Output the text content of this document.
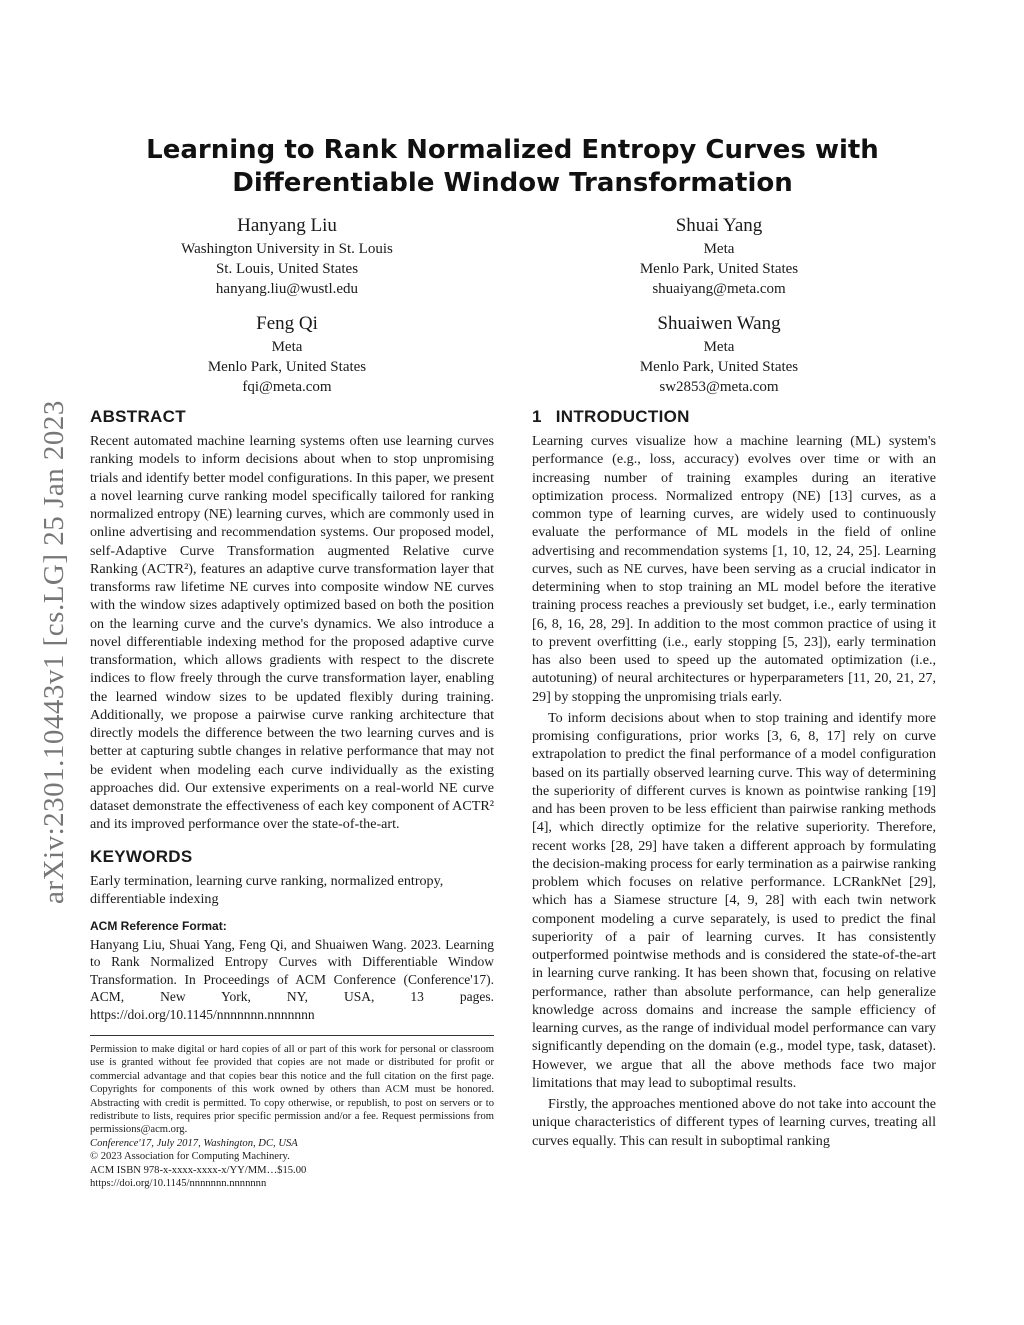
arXiv:2301.10443v1 [cs.LG] 25 Jan 2023
Learning to Rank Normalized Entropy Curves with
Differentiable Window Transformation
Hanyang Liu
Washington University in St. Louis
St. Louis, United States
hanyang.liu@wustl.edu
Shuai Yang
Meta
Menlo Park, United States
shuaiyang@meta.com
Feng Qi
Meta
Menlo Park, United States
fqi@meta.com
Shuaiwen Wang
Meta
Menlo Park, United States
sw2853@meta.com
ABSTRACT

Recent automated machine learning systems often use learning curves ranking models to inform decisions about when to stop unpromising trials and identify better model configurations. In this paper, we present a novel learning curve ranking model specifically tailored for ranking normalized entropy (NE) learning curves, which are commonly used in online advertising and recommendation systems. Our proposed model, self-Adaptive Curve Transformation augmented Relative curve Ranking (ACTR²), features an adaptive curve transformation layer that transforms raw lifetime NE curves into composite window NE curves with the window sizes adaptively optimized based on both the position on the learning curve and the curve's dynamics. We also introduce a novel differentiable indexing method for the proposed adaptive curve transformation, which allows gradients with respect to the discrete indices to flow freely through the curve transformation layer, enabling the learned window sizes to be updated flexibly during training. Additionally, we propose a pairwise curve ranking architecture that directly models the difference between the two learning curves and is better at capturing subtle changes in relative performance that may not be evident when modeling each curve individually as the existing approaches did. Our extensive experiments on a real-world NE curve dataset demonstrate the effectiveness of each key component of ACTR² and its improved performance over the state-of-the-art.

KEYWORDS

Early termination, learning curve ranking, normalized entropy, differentiable indexing

ACM Reference Format:
Hanyang Liu, Shuai Yang, Feng Qi, and Shuaiwen Wang. 2023. Learning to Rank Normalized Entropy Curves with Differentiable Window Transformation. In Proceedings of ACM Conference (Conference'17). ACM, New York, NY, USA, 13 pages. https://doi.org/10.1145/nnnnnnn.nnnnnnn
Permission to make digital or hard copies of all or part of this work for personal or classroom use is granted without fee provided that copies are not made or distributed for profit or commercial advantage and that copies bear this notice and the full citation on the first page. Copyrights for components of this work owned by others than ACM must be honored. Abstracting with credit is permitted. To copy otherwise, or republish, to post on servers or to redistribute to lists, requires prior specific permission and/or a fee. Request permissions from permissions@acm.org.
Conference'17, July 2017, Washington, DC, USA
© 2023 Association for Computing Machinery.
ACM ISBN 978-x-xxxx-xxxx-x/YY/MM…$15.00
https://doi.org/10.1145/nnnnnnn.nnnnnnn
1 INTRODUCTION

Learning curves visualize how a machine learning (ML) system's performance (e.g., loss, accuracy) evolves over time or with an increasing number of training examples during an iterative optimization process. Normalized entropy (NE) [13] curves, as a common type of learning curves, are widely used to continuously evaluate the performance of ML models in the field of online advertising and recommendation systems [1, 10, 12, 24, 25]. Learning curves, such as NE curves, have been serving as a crucial indicator in determining when to stop training an ML model before the iterative training process reaches a previously set budget, i.e., early termination [6, 8, 16, 28, 29]. In addition to the most common practice of using it to prevent overfitting (i.e., early stopping [5, 23]), early termination has also been used to speed up the automated optimization (i.e., autotuning) of neural architectures or hyperparameters [11, 20, 21, 27, 29] by stopping the unpromising trials early.

To inform decisions about when to stop training and identify more promising configurations, prior works [3, 6, 8, 17] rely on curve extrapolation to predict the final performance of a model configuration based on its partially observed learning curve. This way of determining the superiority of different curves is known as pointwise ranking [19] and has been proven to be less efficient than pairwise ranking methods [4], which directly optimize for the relative superiority. Therefore, recent works [28, 29] have taken a different approach by formulating the decision-making process for early termination as a pairwise ranking problem which focuses on relative performance. LCRankNet [29], which has a Siamese structure [4, 9, 28] with each twin network component modeling a curve separately, is used to predict the final superiority of a pair of learning curves. It has consistently outperformed pointwise methods and is considered the state-of-the-art in learning curve ranking. It has been shown that, focusing on relative performance, rather than absolute performance, can help generalize knowledge across domains and increase the sample efficiency of learning curves, as the range of individual model performance can vary significantly depending on the domain (e.g., model type, task, dataset). However, we argue that all the above methods face two major limitations that may lead to suboptimal results.

Firstly, the approaches mentioned above do not take into account the unique characteristics of different types of learning curves, treating all curves equally. This can result in suboptimal ranking
